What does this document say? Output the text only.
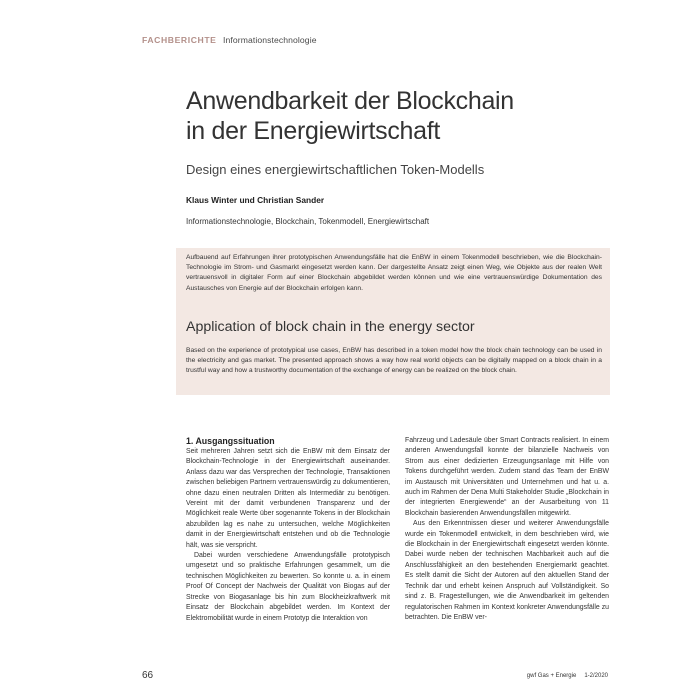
FACHBERICHTE Informationstechnologie
Anwendbarkeit der Blockchain
in der Energiewirtschaft
Design eines energiewirtschaftlichen Token-Modells
Klaus Winter und Christian Sander
Informationstechnologie, Blockchain, Tokenmodell, Energiewirtschaft
Aufbauend auf Erfahrungen ihrer prototypischen Anwendungsfälle hat die EnBW in einem Tokenmodell beschrieben, wie die Blockchain-Technologie im Strom- und Gasmarkt eingesetzt werden kann. Der dargestellte Ansatz zeigt einen Weg, wie Objekte aus der realen Welt vertrauensvoll in digitaler Form auf einer Blockchain abgebildet werden können und wie eine vertrauenswürdige Dokumentation des Austausches von Energie auf der Blockchain erfolgen kann.
Application of block chain in the energy sector
Based on the experience of prototypical use cases, EnBW has described in a token model how the block chain technology can be used in the electricity and gas market. The presented approach shows a way how real world objects can be digitally mapped on a block chain in a trustful way and how a trustworthy documentation of the exchange of energy can be realized on the block chain.
1. Ausgangssituation

Seit mehreren Jahren setzt sich die EnBW mit dem Einsatz der Blockchain-Technologie in der Energiewirtschaft auseinander. Anlass dazu war das Versprechen der Technologie, Transaktionen zwischen beliebigen Partnern vertrauenswürdig zu dokumentieren, ohne dazu einen neutralen Dritten als Intermediär zu benötigen. Vereint mit der damit verbundenen Transparenz und der Möglichkeit reale Werte über sogenannte Tokens in der Blockchain abzubilden lag es nahe zu untersuchen, welche Möglichkeiten damit in der Energiewirtschaft entstehen und ob die Technologie hält, was sie verspricht.

Dabei wurden verschiedene Anwendungsfälle prototypisch umgesetzt und so praktische Erfahrungen gesammelt, um die technischen Möglichkeiten zu bewerten. So konnte u. a. in einem Proof Of Concept der Nachweis der Qualität von Biogas auf der Strecke von Biogasanlage bis hin zum Blockheizkraftwerk mit Einsatz der Blockchain abgebildet werden. Im Kontext der Elektromobilität wurde in einem Prototyp die Interaktion von

Fahrzeug und Ladesäule über Smart Contracts realisiert. In einem anderen Anwendungsfall konnte der bilanzielle Nachweis von Strom aus einer dedizierten Erzeugungsanlage mit Hilfe von Tokens durchgeführt werden. Zudem stand das Team der EnBW im Austausch mit Universitäten und Unternehmen und hat u. a. auch im Rahmen der Dena Multi Stakeholder Studie „Blockchain in der integrierten Energiewende“ an der Ausarbeitung von 11 Blockchain basierenden Anwendungsfällen mitgewirkt.

Aus den Erkenntnissen dieser und weiterer Anwendungsfälle wurde ein Tokenmodell entwickelt, in dem beschrieben wird, wie die Blockchain in der Energiewirtschaft eingesetzt werden könnte. Dabei wurde neben der technischen Machbarkeit auch auf die Anschlussfähigkeit an den bestehenden Energiemarkt geachtet. Es stellt damit die Sicht der Autoren auf den aktuellen Stand der Technik dar und erhebt keinen Anspruch auf Vollständigkeit. So sind z. B. Fragestellungen, wie die Anwendbarkeit im geltenden regulatorischen Rahmen im Kontext konkreter Anwendungsfälle zu betrachten. Die EnBW ver-

66	gwf Gas + Energie 1-2/2020
